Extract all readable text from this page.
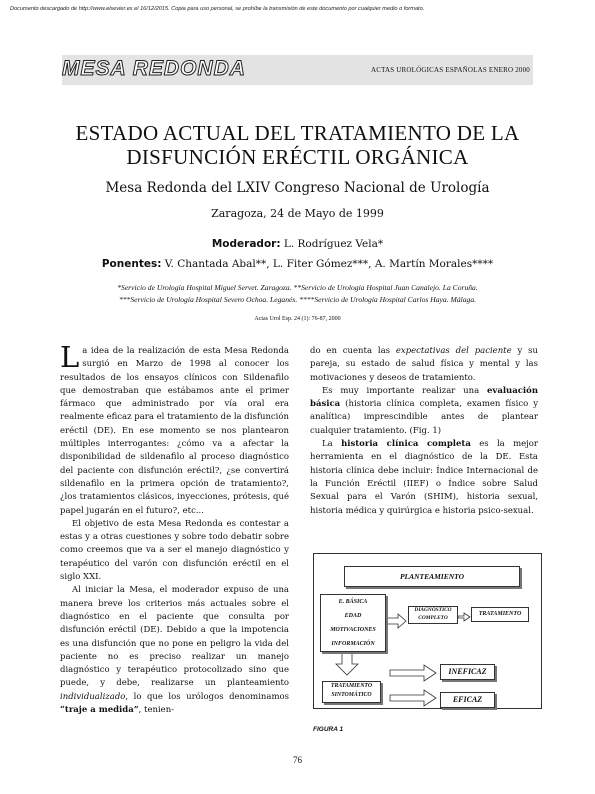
Documento descargado de http://www.elsevier.es el 16/12/2015. Copia para uso personal, se prohíbe la transmisión de este documento por cualquier medio o formato.
MESA REDONDA	ACTAS UROLÓGICAS ESPAÑOLAS ENERO 2000
ESTADO ACTUAL DEL TRATAMIENTO DE LA
DISFUNCIÓN ERÉCTIL ORGÁNICA
Mesa Redonda del LXIV Congreso Nacional de Urología
Zaragoza, 24 de Mayo de 1999
Moderador: L. Rodríguez Vela*
Ponentes: V. Chantada Abal**, L. Fiter Gómez***, A. Martín Morales****
*Servicio de Urología Hospital Miguel Servet. Zaragoza. **Servicio de Urología Hospital Juan Canalejo. La Coruña.
***Servicio de Urología Hospital Severo Ochoa. Leganés. ****Servicio de Urología Hospital Carlos Haya. Málaga.
Actas Urol Esp. 24 (1): 76-87, 2000

La idea de la realización de esta Mesa Redonda surgió en Marzo de 1998 al conocer los resultados de los ensayos clínicos con Sildenafilo que demostraban que estábamos ante el primer fármaco que administrado por vía oral era realmente eficaz para el tratamiento de la disfunción eréctil (DE). En ese momento se nos plantearon múltiples interrogantes: ¿cómo va a afectar la disponibilidad de sildenafilo al proceso diagnóstico del paciente con disfunción eréctil?, ¿se convertirá sildenafilo en la primera opción de tratamiento?, ¿los tratamientos clásicos, inyecciones, prótesis, qué papel jugarán en el futuro?, etc...

El objetivo de esta Mesa Redonda es contestar a estas y a otras cuestiones y sobre todo debatir sobre como creemos que va a ser el manejo diagnóstico y terapéutico del varón con disfunción eréctil en el siglo XXI.

Al iniciar la Mesa, el moderador expuso de una manera breve los criterios más actuales sobre el diagnóstico en el paciente que consulta por disfunción eréctil (DE). Debido a que la impotencia es una disfunción que no pone en peligro la vida del paciente no es preciso realizar un manejo diagnóstico y terapéutico protocolizado sino que puede, y debe, realizarse un planteamiento individualizado, lo que los urólogos denominamos “traje a medida”, tenien-

do en cuenta las expectativas del paciente y su pareja, su estado de salud física y mental y las motivaciones y deseos de tratamiento.

Es muy importante realizar una evaluación básica (historia clínica completa, examen físico y analítica) imprescindible antes de plantear cualquier tratamiento. (Fig. 1)

La historia clínica completa es la mejor herramienta en el diagnóstico de la DE. Esta historia clínica debe incluir: Índice Internacional de la Función Eréctil (IIEF) o Índice sobre Salud Sexual para el Varón (SHIM), historia sexual, historia médica y quirúrgica e historia psico-sexual.

PLANTEAMIENTO
E. BÁSICA
EDAD
MOTIVACIONES
INFORMACIÓN
DIAGNÓSTICO
COMPLETO
TRATAMIENTO
TRATAMIENTO
SINTOMÁTICO
INEFICAZ
EFICAZ
FIGURA 1
76
